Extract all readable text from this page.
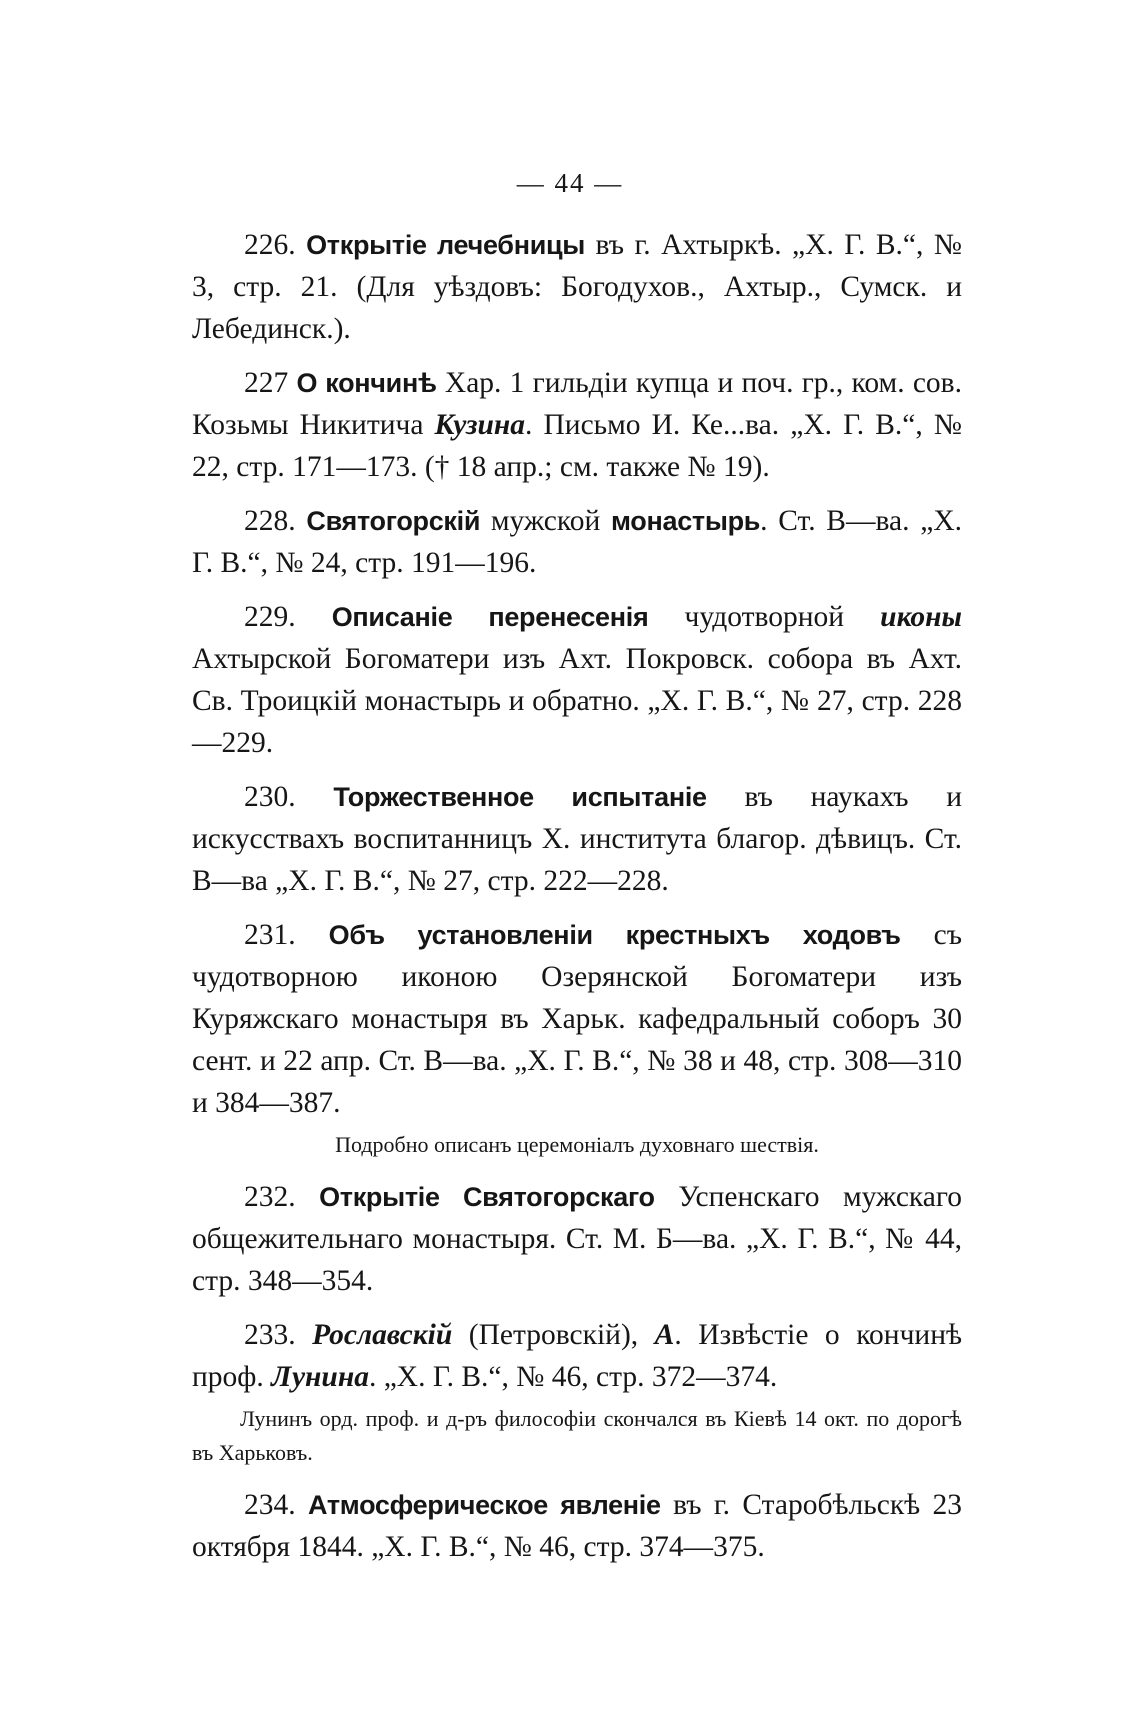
— 44 —

226. Открытіе лечебницы въ г. Ахтыркѣ. „Х. Г. В.“, № 3, стр. 21. (Для уѣздовъ: Богодухов., Ахтыр., Сумск. и Лебединск.).

227 О кончинѣ Хар. 1 гильдіи купца и поч. гр., ком. сов. Козьмы Никитича Кузина. Письмо И. Ке...ва. „Х. Г. В.“, № 22, стр. 171—173. († 18 апр.; см. также № 19).

228. Святогорскій мужской монастырь. Ст. В—ва. „Х. Г. В.“, № 24, стр. 191—196.

229. Описаніе перенесенія чудотворной иконы Ахтырской Богоматери изъ Ахт. Покровск. собора въ Ахт. Св. Троицкій монастырь и обратно. „Х. Г. В.“, № 27, стр. 228—229.

230. Торжественное испытаніе въ наукахъ и искусствахъ воспитанницъ Х. института благор. дѣвицъ. Ст. В—ва „Х. Г. В.“, № 27, стр. 222—228.

231. Объ установленіи крестныхъ ходовъ съ чудотворною иконою Озерянской Богоматери изъ Куряжскаго монастыря въ Харьк. кафедральный соборъ 30 сент. и 22 апр. Ст. В—ва. „Х. Г. В.“, № 38 и 48, стр. 308—310 и 384—387.

Подробно описанъ церемоніалъ духовнаго шествія.

232. Открытіе Святогорскаго Успенскаго мужскаго общежительнаго монастыря. Ст. М. Б—ва. „Х. Г. В.“, № 44, стр. 348—354.

233. Рославскій (Петровскій), А. Извѣстіе о кончинѣ проф. Лунина. „Х. Г. В.“, № 46, стр. 372—374.

Лунинъ орд. проф. и д-ръ философіи скончался въ Кіевѣ 14 окт. по дорогѣ въ Харьковъ.

234. Атмосферическое явленіе въ г. Старобѣльскѣ 23 октября 1844. „Х. Г. В.“, № 46, стр. 374—375.
